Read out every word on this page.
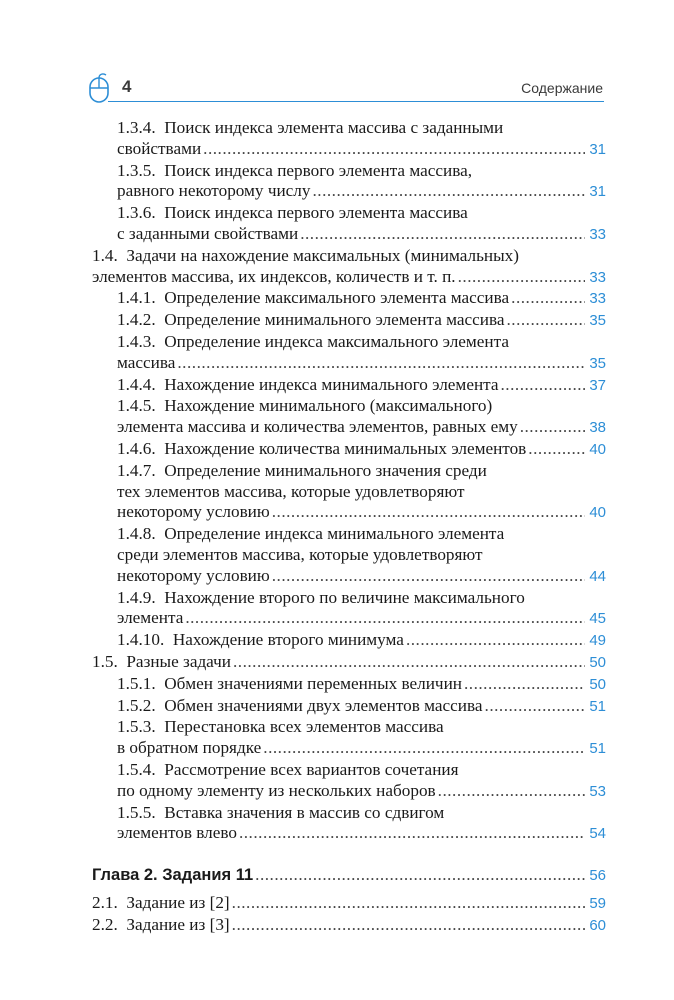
4	Содержание
1.3.4.  Поиск индекса элемента массива с заданными
свойствами .....	31
1.3.5.  Поиск индекса первого элемента массива,
равного некоторому числу .....	31
1.3.6.  Поиск индекса первого элемента массива
с заданными свойствами .....	33
1.4.  Задачи на нахождение максимальных (минимальных)
элементов массива, их индексов, количеств и т. п. .....	33
1.4.1.  Определение максимального элемента массива .....	33
1.4.2.  Определение минимального элемента массива .....	35
1.4.3.  Определение индекса максимального элемента
массива .....	35
1.4.4.  Нахождение индекса минимального элемента .....	37
1.4.5.  Нахождение минимального (максимального)
элемента массива и количества элементов, равных ему .....	38
1.4.6.  Нахождение количества минимальных элементов .....	40
1.4.7.  Определение минимального значения среди
тех элементов массива, которые удовлетворяют
некоторому условию .....	40
1.4.8.  Определение индекса минимального элемента
среди элементов массива, которые удовлетворяют
некоторому условию .....	44
1.4.9.  Нахождение второго по величине максимального
элемента .....	45
1.4.10.  Нахождение второго минимума .....	49
1.5.  Разные задачи .....	50
1.5.1.  Обмен значениями переменных величин .....	50
1.5.2.  Обмен значениями двух элементов массива .....	51
1.5.3.  Перестановка всех элементов массива
в обратном порядке .....	51
1.5.4.  Рассмотрение всех вариантов сочетания
по одному элементу из нескольких наборов .....	53
1.5.5.  Вставка значения в массив со сдвигом
элементов влево .....	54
Глава 2. Задания 11 .....	56
2.1.  Задание из [2] .....	59
2.2.  Задание из [3] .....	60
